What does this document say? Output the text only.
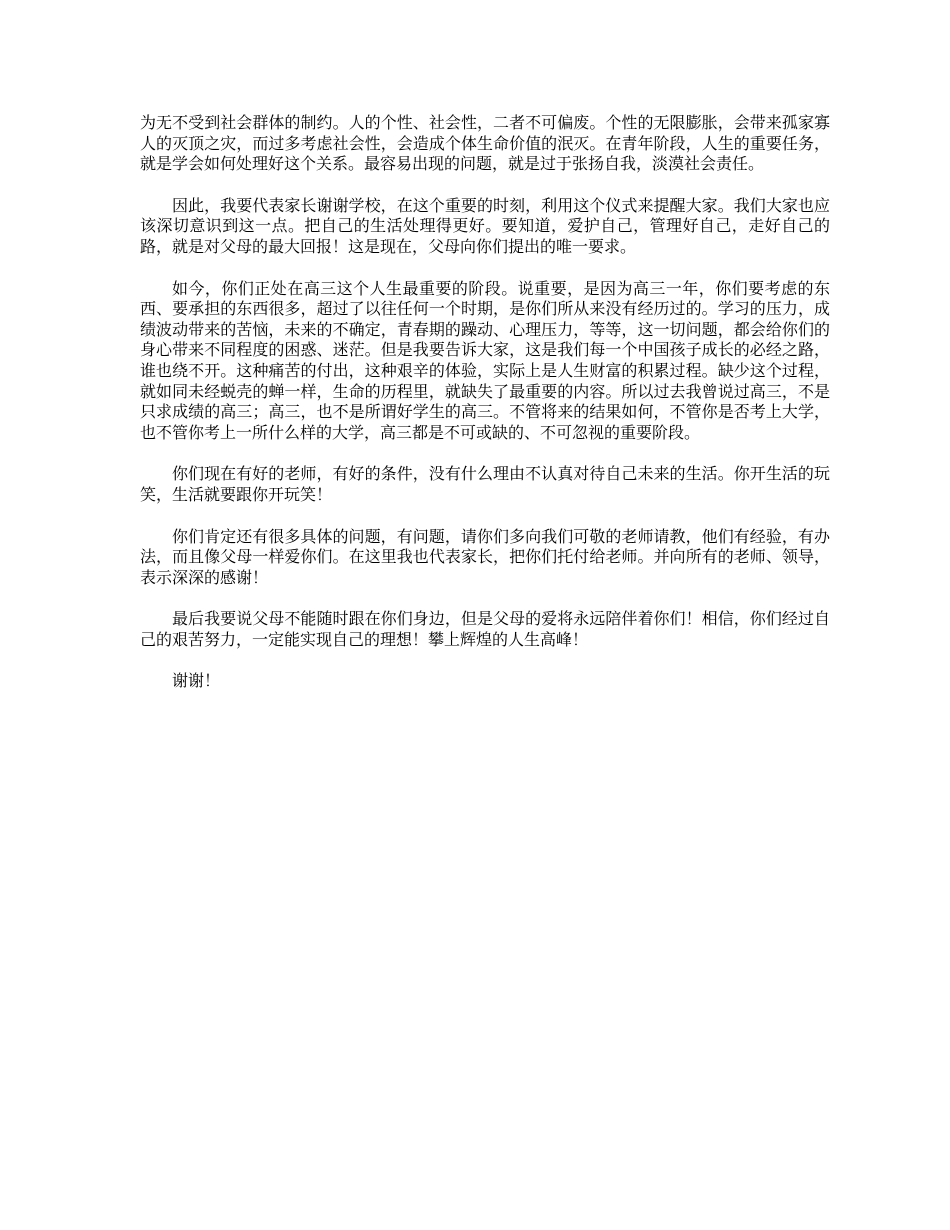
为无不受到社会群体的制约。人的个性、社会性，二者不可偏废。个性的无限膨胀，会带来孤家寡人的灭顶之灾，而过多考虑社会性，会造成个体生命价值的泯灭。在青年阶段，人生的重要任务，就是学会如何处理好这个关系。最容易出现的问题，就是过于张扬自我，淡漠社会责任。

因此，我要代表家长谢谢学校，在这个重要的时刻，利用这个仪式来提醒大家。我们大家也应该深切意识到这一点。把自己的生活处理得更好。要知道，爱护自己，管理好自己，走好自己的路，就是对父母的最大回报！这是现在，父母向你们提出的唯一要求。

如今，你们正处在高三这个人生最重要的阶段。说重要，是因为高三一年，你们要考虑的东西、要承担的东西很多，超过了以往任何一个时期，是你们所从来没有经历过的。学习的压力，成绩波动带来的苦恼，未来的不确定，青春期的躁动、心理压力，等等，这一切问题，都会给你们的身心带来不同程度的困惑、迷茫。但是我要告诉大家，这是我们每一个中国孩子成长的必经之路，谁也绕不开。这种痛苦的付出，这种艰辛的体验，实际上是人生财富的积累过程。缺少这个过程，就如同未经蜕壳的蝉一样，生命的历程里，就缺失了最重要的内容。所以过去我曾说过高三，不是只求成绩的高三；高三，也不是所谓好学生的高三。不管将来的结果如何，不管你是否考上大学，也不管你考上一所什么样的大学，高三都是不可或缺的、不可忽视的重要阶段。

你们现在有好的老师，有好的条件，没有什么理由不认真对待自己未来的生活。你开生活的玩笑，生活就要跟你开玩笑！

你们肯定还有很多具体的问题，有问题，请你们多向我们可敬的老师请教，他们有经验，有办法，而且像父母一样爱你们。在这里我也代表家长，把你们托付给老师。并向所有的老师、领导，表示深深的感谢！

最后我要说父母不能随时跟在你们身边，但是父母的爱将永远陪伴着你们！相信，你们经过自己的艰苦努力，一定能实现自己的理想！攀上辉煌的人生高峰！

谢谢！
